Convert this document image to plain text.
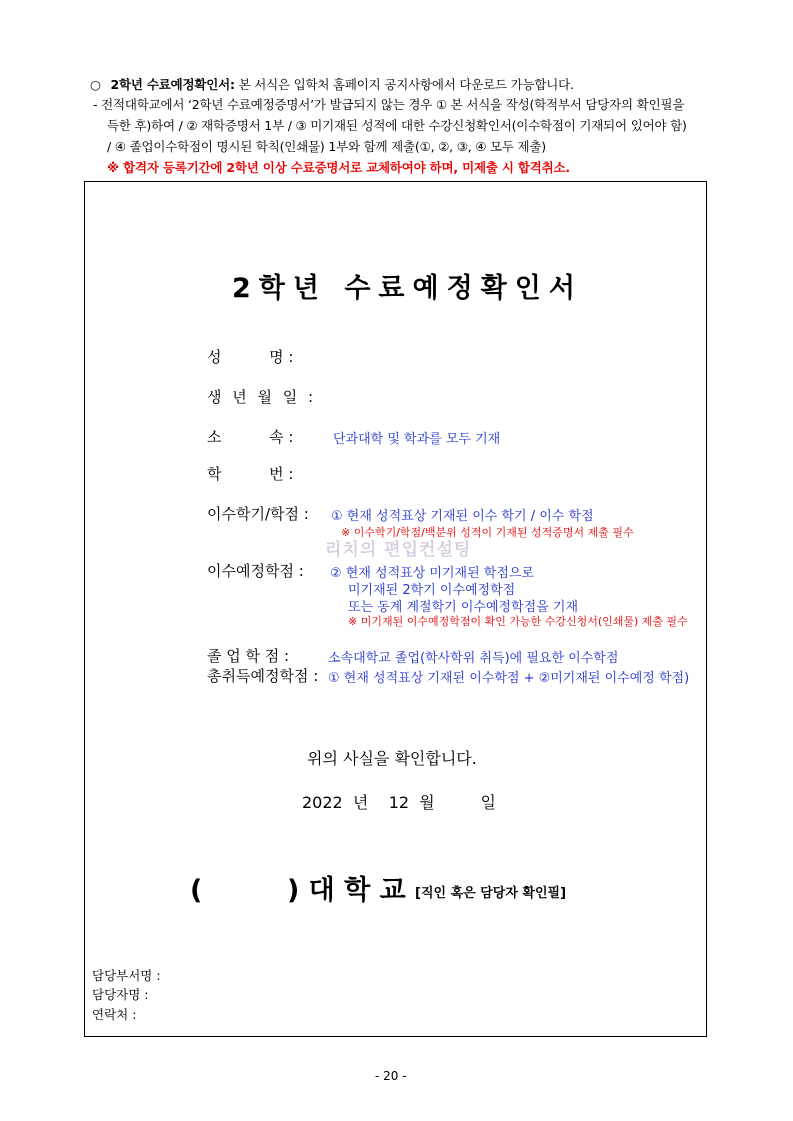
○ 2학년 수료예정확인서: 본 서식은 입학처 홈페이지 공지사항에서 다운로드 가능합니다.
- 전적대학교에서 ‘2학년 수료예정증명서’가 발급되지 않는 경우 ① 본 서식을 작성(학적부서 담당자의 확인필을
득한 후)하여 / ② 재학증명서 1부 / ③ 미기재된 성적에 대한 수강신청확인서(이수학점이 기재되어 있어야 함)
/ ④ 졸업이수학점이 명시된 학칙(인쇄물) 1부와 함께 제출(①, ②, ③, ④ 모두 제출)
※ 합격자 등록기간에 2학년 이상 수료증명서로 교체하여야 하며, 미제출 시 합격취소.
2학년 수료예정확인서
성          명 :
생 년 월 일 :
소          속 :	단과대학 및 학과를 모두 기재
학          번 :
이수학기/학점 : ① 현재 성적표상 기재된 이수 학기 / 이수 학점
※ 이수학기/학점/백분위 성적이 기재된 성적증명서 제출 필수
리치의 편입컨설팅
이수예정학점 : ② 현재 성적표상 미기재된 학점으로
미기재된 2학기 이수예정학점
또는 동계 계절학기 이수예정학점을 기재
※ 미기재된 이수예정학점이 확인 가능한 수강신청서(인쇄물) 제출 필수
졸 업 학 점 :	소속대학교 졸업(학사학위 취득)에 필요한 이수학점
총취득예정학점 : ① 현재 성적표상 기재된 이수학점 + ②미기재된 이수예정 학점)
위의 사실을 확인합니다.
2022  년    12  월         일
(         ) 대 학 교 [직인 혹은 담당자 확인필]
담당부서명 :
담당자명 :
연락처 :
- 20 -
